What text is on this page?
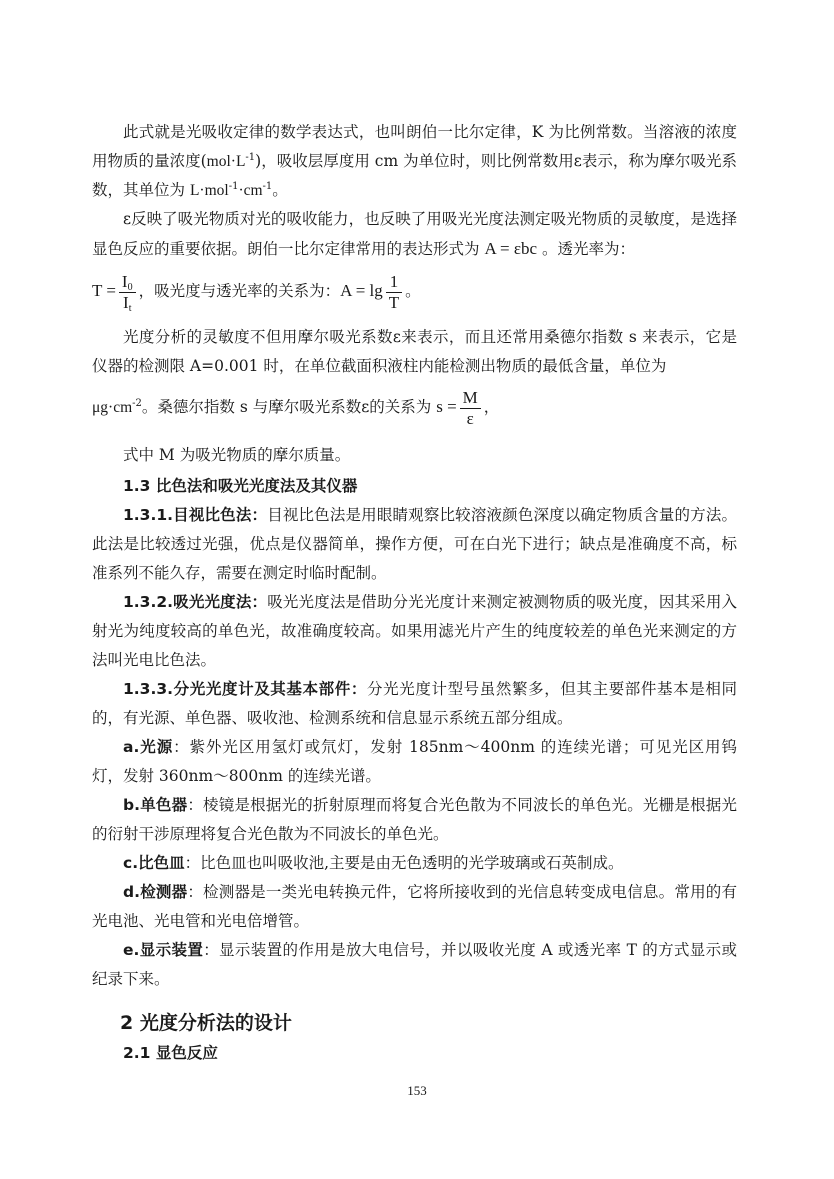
此式就是光吸收定律的数学表达式，也叫朗伯一比尔定律，K 为比例常数。当溶液的浓度用物质的量浓度$(mol\cdot L^{-1})$，吸收层厚度用 cm 为单位时，则比例常数用ε表示，称为摩尔吸光系数，其单位为 $L\cdot mol^{-1}\cdot cm^{-1}$。

ε反映了吸光物质对光的吸收能力，也反映了用吸光光度法测定吸光物质的灵敏度，是选择显色反应的重要依据。朗伯一比尔定律常用的表达形式为 A = εbc 。透光率为：

$T = \frac{I_0}{I_t}$ ，吸光度与透光率的关系为：$A = \lg \frac{1}{T}$ 。

光度分析的灵敏度不但用摩尔吸光系数ε来表示，而且还常用桑德尔指数 s 来表示，它是仪器的检测限 A=0.001 时，在单位截面积液柱内能检测出物质的最低含量，单位为

$\mu g\cdot cm^{-2}$。桑德尔指数 s 与摩尔吸光系数ε的关系为 $s = \frac{M}{\varepsilon}$ ，

式中 M 为吸光物质的摩尔质量。

1.3 比色法和吸光光度法及其仪器

1.3.1.目视比色法：目视比色法是用眼睛观察比较溶液颜色深度以确定物质含量的方法。此法是比较透过光强，优点是仪器简单，操作方便，可在白光下进行；缺点是准确度不高，标准系列不能久存，需要在测定时临时配制。

1.3.2.吸光光度法：吸光光度法是借助分光光度计来测定被测物质的吸光度，因其采用入射光为纯度较高的单色光，故准确度较高。如果用滤光片产生的纯度较差的单色光来测定的方法叫光电比色法。

1.3.3.分光光度计及其基本部件：分光光度计型号虽然繁多，但其主要部件基本是相同的，有光源、单色器、吸收池、检测系统和信息显示系统五部分组成。

a.光源：紫外光区用氢灯或氘灯，发射 185nm～400nm 的连续光谱；可见光区用钨灯，发射 360nm～800nm 的连续光谱。

b.单色器：棱镜是根据光的折射原理而将复合光色散为不同波长的单色光。光栅是根据光的衍射干涉原理将复合光色散为不同波长的单色光。

c.比色皿：比色皿也叫吸收池,主要是由无色透明的光学玻璃或石英制成。

d.检测器：检测器是一类光电转换元件，它将所接收到的光信息转变成电信息。常用的有光电池、光电管和光电倍增管。

e.显示装置：显示装置的作用是放大电信号，并以吸收光度 A 或透光率 T 的方式显示或纪录下来。

2 光度分析法的设计

2.1 显色反应

153
